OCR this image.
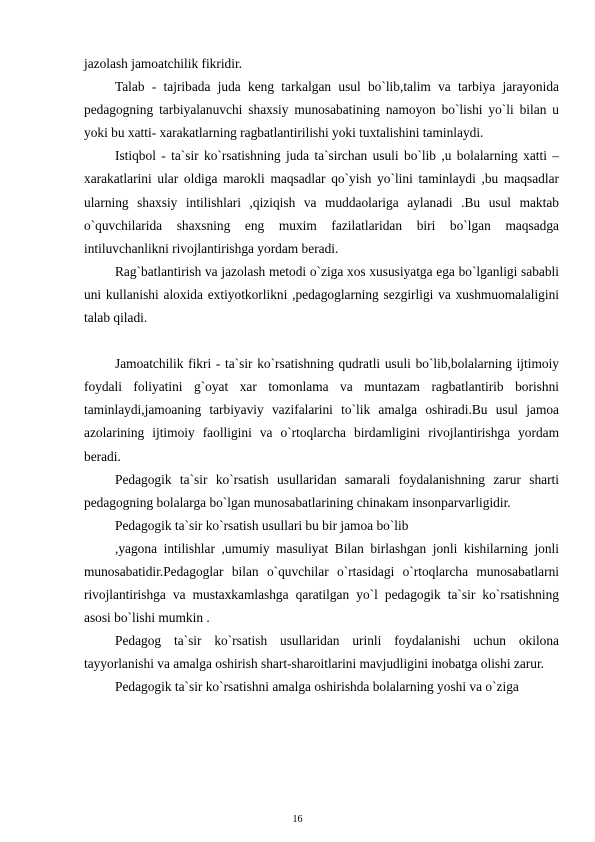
jazolash jamoatchilik fikridir.

Talab - tajribada juda keng tarkalgan usul bo`lib,talim va tarbiya jarayonida pedagogning tarbiyalanuvchi shaxsiy munosabatining namoyon bo`lishi yo`li bilan u yoki bu xatti- xarakatlarning ragbatlantirilishi yoki tuxtalishini taminlaydi.

Istiqbol - ta`sir ko`rsatishning juda ta`sirchan usuli bo`lib ,u bolalarning xatti –xarakatlarini ular oldiga marokli maqsadlar qo`yish yo`lini taminlaydi ,bu maqsadlar ularning shaxsiy intilishlari ,qiziqish va muddaolariga aylanadi .Bu usul maktab o`quvchilarida shaxsning eng muxim fazilatlaridan biri bo`lgan maqsadga intiluvchanlikni rivojlantirishga yordam beradi.

Rag`batlantirish va jazolash metodi o`ziga xos xususiyatga ega bo`lganligi sababli uni kullanishi aloxida extiyotkorlikni ,pedagoglarning sezgirligi va xushmuomalaligini talab qiladi.

Jamoatchilik fikri - ta`sir ko`rsatishning qudratli usuli bo`lib,bolalarning ijtimoiy foydali foliyatini g`oyat xar tomonlama va muntazam ragbatlantirib borishni taminlaydi,jamoaning tarbiyaviy vazifalarini to`lik amalga oshiradi.Bu usul jamoa azolarining ijtimoiy faolligini va o`rtoqlarcha birdamligini rivojlantirishga yordam beradi.

Pedagogik ta`sir ko`rsatish usullaridan samarali foydalanishning zarur sharti pedagogning bolalarga bo`lgan munosabatlarining chinakam insonparvarligidir.

Pedagogik ta`sir ko`rsatish usullari bu bir jamoa bo`lib

,yagona intilishlar ,umumiy masuliyat Bilan birlashgan jonli kishilarning jonli munosabatidir.Pedagoglar bilan o`quvchilar o`rtasidagi o`rtoqlarcha munosabatlarni rivojlantirishga va mustaxkamlashga qaratilgan yo`l pedagogik ta`sir ko`rsatishning asosi bo`lishi mumkin .

Pedagog ta`sir ko`rsatish usullaridan urinli foydalanishi uchun okilona tayyorlanishi va amalga oshirish shart-sharoitlarini mavjudligini inobatga olishi zarur.

Pedagogik ta`sir ko`rsatishni amalga oshirishda bolalarning yoshi va o`ziga

16
